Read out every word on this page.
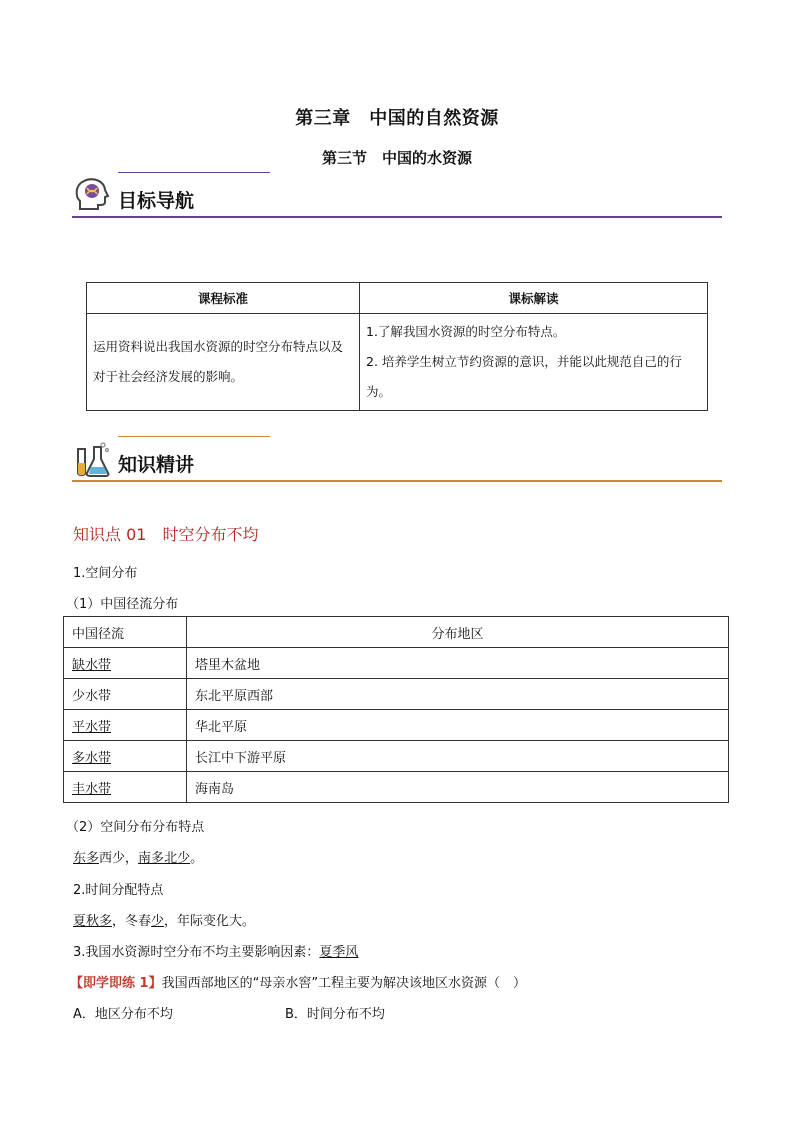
第三章　中国的自然资源
第三节　中国的水资源
目标导航
课程标准	课标解读
运用资料说出我国水资源的时空分布特点以及对于社会经济发展的影响。	1.了解我国水资源的时空分布特点。
2. 培养学生树立节约资源的意识，并能以此规范自己的行为。
知识精讲
知识点 01　时空分布不均
1.空间分布
（1）中国径流分布
中国径流	分布地区
缺水带	塔里木盆地
少水带	东北平原西部
平水带	华北平原
多水带	长江中下游平原
丰水带	海南岛
（2）空间分布分布特点
东多西少，南多北少。
2.时间分配特点
夏秋多，冬春少，年际变化大。
3.我国水资源时空分布不均主要影响因素：夏季风
【即学即练 1】我国西部地区的“母亲水窖”工程主要为解决该地区水资源（　）
A．地区分布不均	B．时间分布不均
